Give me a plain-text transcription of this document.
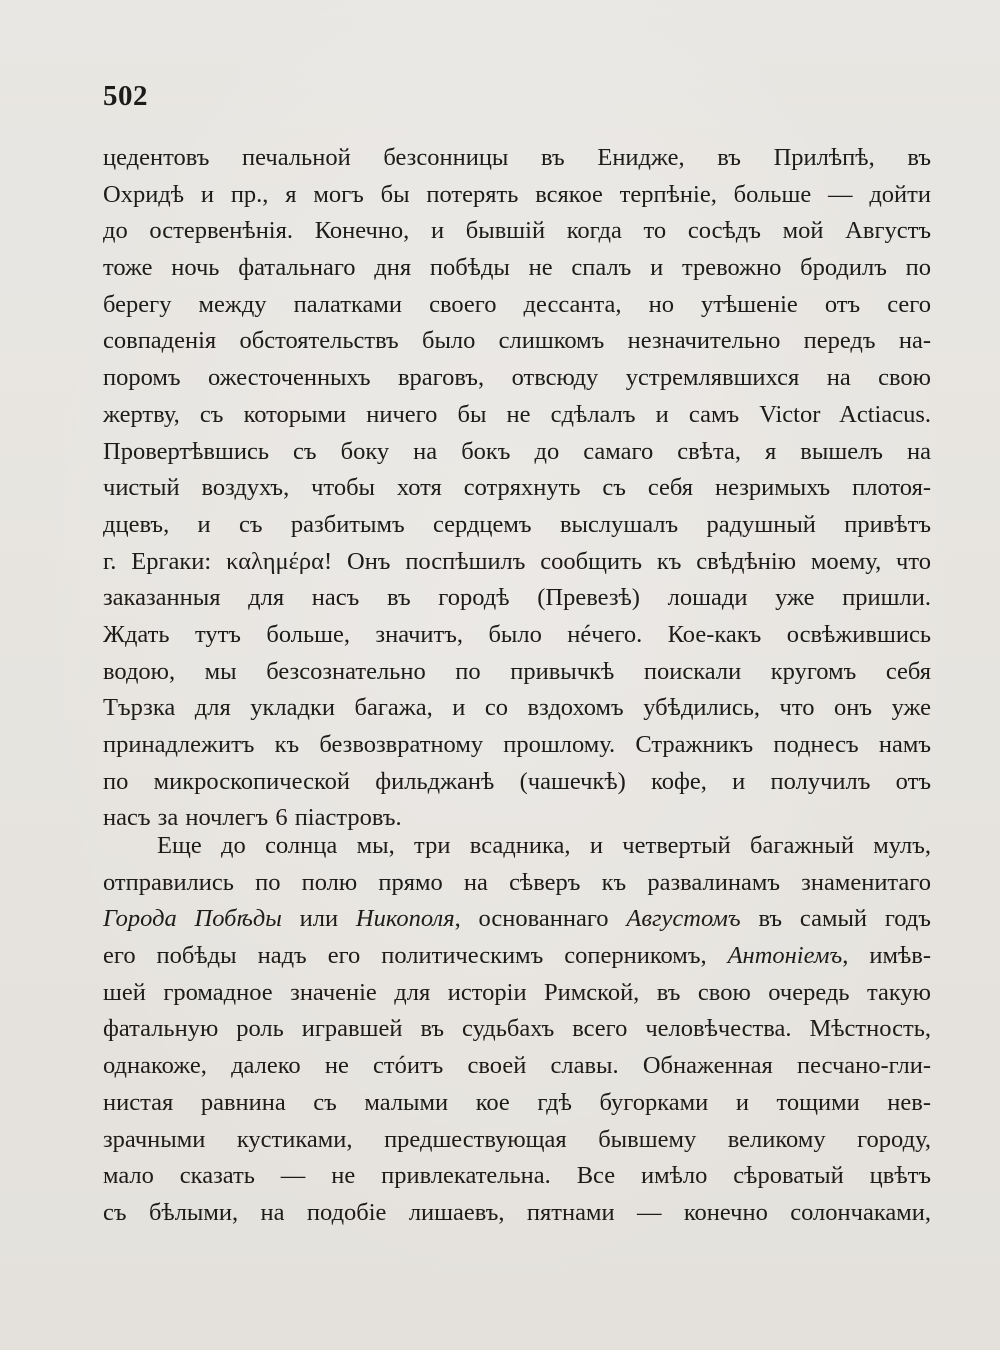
502
цедентовъ печальной безсонницы въ Енидже, въ Прилѣпѣ, въ
Охридѣ и пр., я могъ бы потерять всякое терпѣніе, больше — дойти
до остервенѣнія. Конечно, и бывшій когда то сосѣдъ мой Августъ
тоже ночь фатальнаго дня побѣды не спалъ и тревожно бродилъ по
берегу между палатками своего дессанта, но утѣшеніе отъ сего
совпаденія обстоятельствъ было слишкомъ незначительно передъ на-
поромъ ожесточенныхъ враговъ, отвсюду устремлявшихся на свою
жертву, съ которыми ничего бы не сдѣлалъ и самъ Victor Actiacus.
Провертѣвшись съ боку на бокъ до самаго свѣта, я вышелъ на
чистый воздухъ, чтобы хотя сотряхнуть съ себя незримыхъ плотоя-
дцевъ, и съ разбитымъ сердцемъ выслушалъ радушный привѣтъ
г. Ергаки: καλημέρα! Онъ поспѣшилъ сообщить къ свѣдѣнію моему, что
заказанныя для насъ въ городѣ (Превезѣ) лошади уже пришли.
Ждать тутъ больше, значитъ, было нéчего. Кое-какъ освѣжившись
водою, мы безсознательно по привычкѣ поискали кругомъ себя
Тързка для укладки багажа, и со вздохомъ убѣдились, что онъ уже
принадлежитъ къ безвозвратному прошлому. Стражникъ поднесъ намъ
по микроскопической фильджанѣ (чашечкѣ) кофе, и получилъ отъ
насъ за ночлегъ 6 піастровъ.
Еще до солнца мы, три всадника, и четвертый багажный мулъ,
отправились по полю прямо на сѣверъ къ развалинамъ знаменитаго
Города Побѣды или Никополя, основаннаго Августомъ въ самый годъ
его побѣды надъ его политическимъ соперникомъ, Антоніемъ, имѣв-
шей громадное значеніе для исторіи Римской, въ свою очередь такую
фатальную роль игравшей въ судьбахъ всего человѣчества. Мѣстность,
однакоже, далеко не стóитъ своей славы. Обнаженная песчано-гли-
нистая равнина съ малыми кое гдѣ бугорками и тощими нев-
зрачными кустиками, предшествующая бывшему великому городу,
мало сказать — не привлекательна. Все имѣло сѣроватый цвѣтъ
съ бѣлыми, на подобіе лишаевъ, пятнами — конечно солончаками,
